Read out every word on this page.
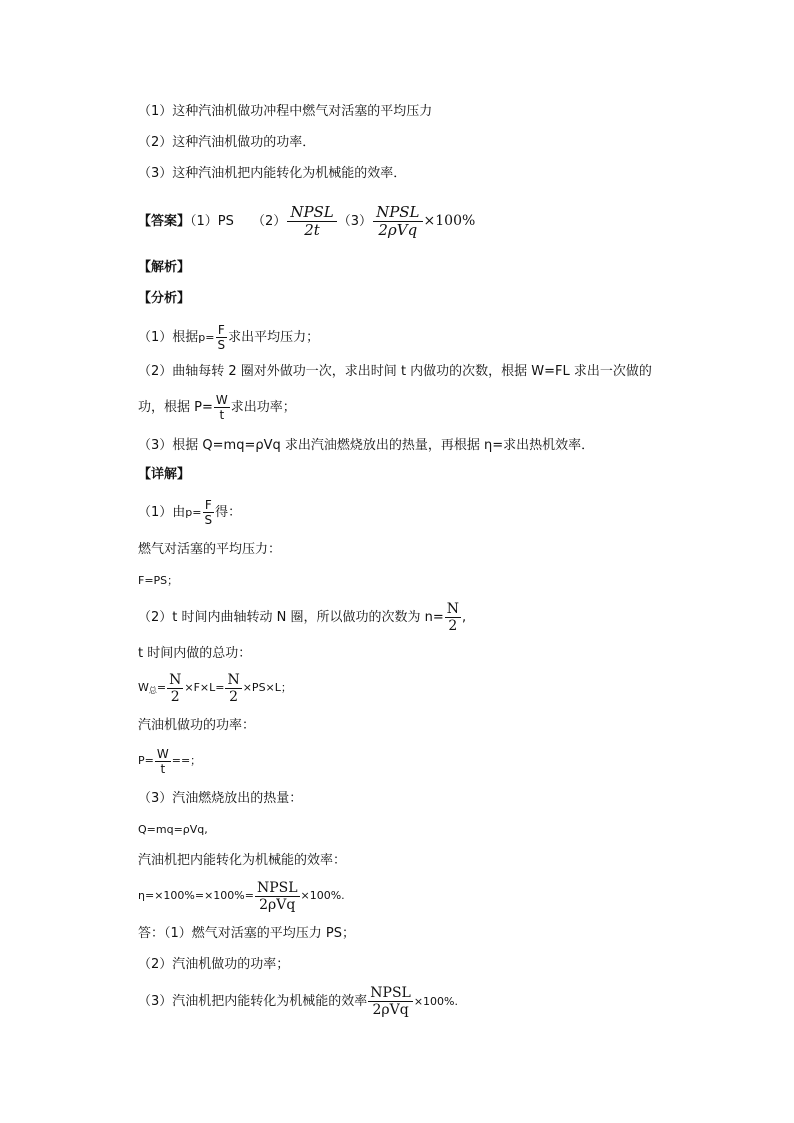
（1）这种汽油机做功冲程中燃气对活塞的平均压力
（2）这种汽油机做功的功率．
（3）这种汽油机把内能转化为机械能的效率．
【答案】（1）PS $(2) \frac{\text{NPSL}}{2t} (3) \frac{\text{NPSL}}{\text{2ρVq}} \times 100\%$
【解析】
【分析】
（1）根据$p= \frac{F}{S}$ 求出平均压力；
（2）曲轴每转 2 圈对外做功一次，求出时间 t 内做功的次数，根据 W=FL 求出一次做的
功，根据 $P= \frac{W}{t}$ 求出功率；
（3）根据 Q=mq=ρVq 求出汽油燃烧放出的热量，再根据 η=求出热机效率．
【详解】
（1）由$p= \frac{F}{S}$ 得：
燃气对活塞的平均压力：
F=PS；
（2）t 时间内曲轴转动 N 圈，所以做功的次数为 $n= \frac{N}{2}$ ,
t 时间内做的总功：
$W_总= \frac{N}{2} \times F\times L= \frac{N}{2} \times PS\times L$；
汽油机做功的功率：
$P= \frac{W}{t}$ ==；
（3）汽油燃烧放出的热量：
Q=mq=ρVq,
汽油机把内能转化为机械能的效率：
$\eta=\times 100\%=\times 100\%= \frac{\text{NPSL}}{\text{2ρVq}} \times 100\%$.
答：（1）燃气对活塞的平均压力 PS；
（2）汽油机做功的功率；
（3）汽油机把内能转化为机械能的效率 $\frac{\text{NPSL}}{\text{2ρVq}} \times 100\%$.
